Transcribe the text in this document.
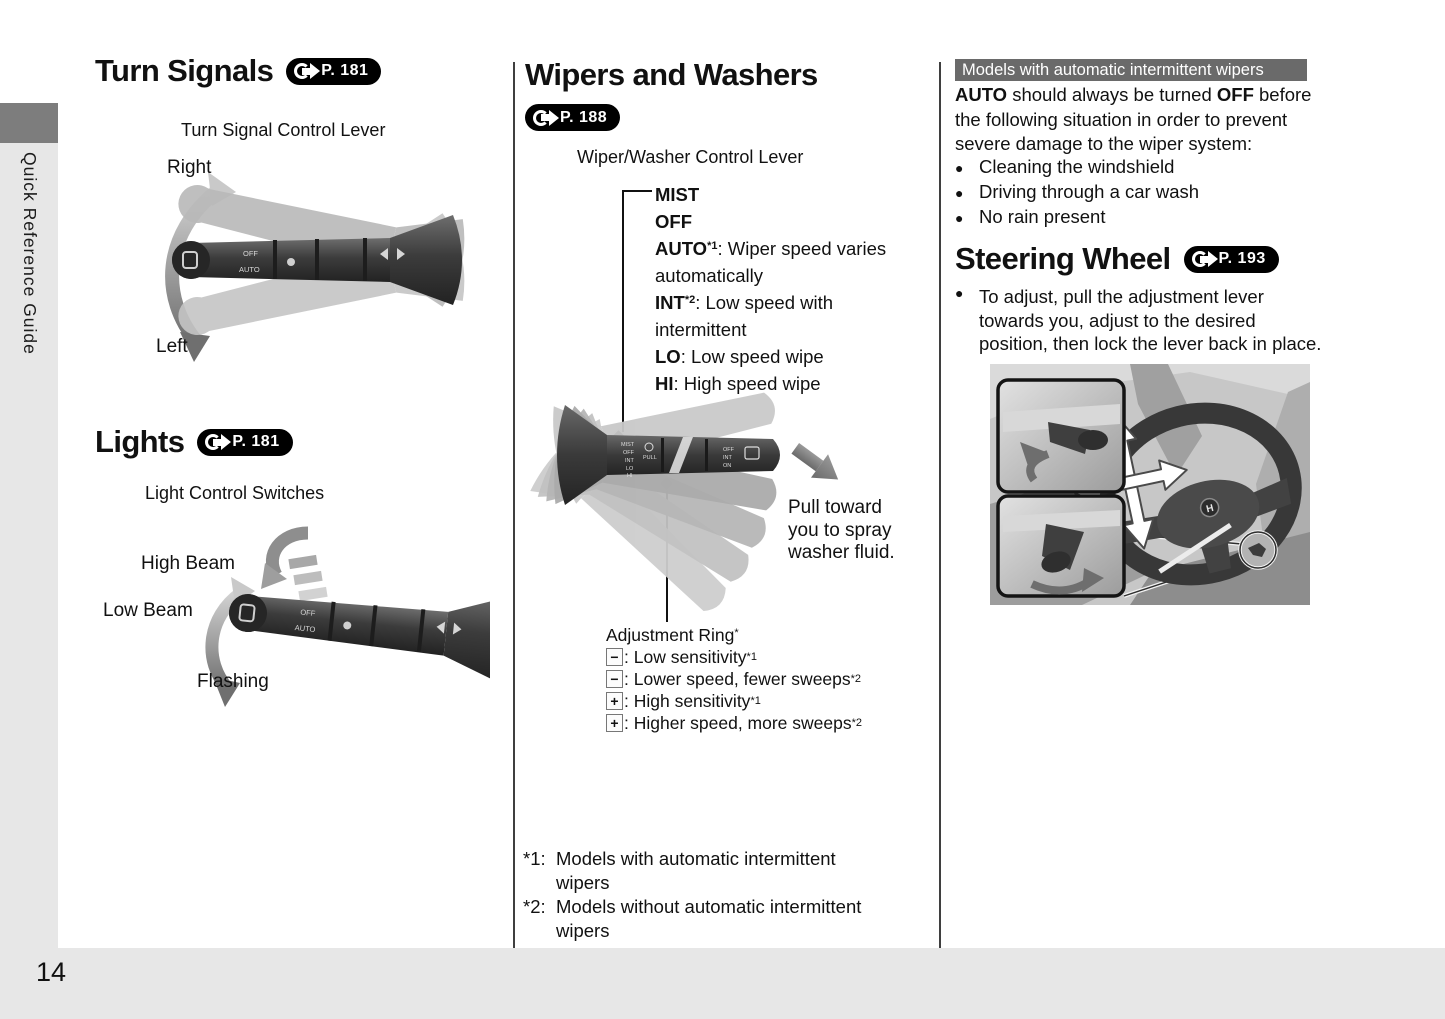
Quick Reference Guide
14
Turn Signals	P. 181
Turn Signal Control Lever
OFF
AUTO
Right
Left
Lights	P. 181
Light Control Switches
OFF
AUTO
High Beam
Low Beam
Flashing
Wipers and Washers
P. 188
Wiper/Washer Control Lever
MIST
OFF
AUTO$^{*1}$: Wiper speed varies
automatically
INT$^{*2}$: Low speed with
intermittent
LO: Low speed wipe
HI: High speed wipe
MIST
OFF
INT
LO
HI
PULL
OFF
INT
ON
Pull toward
you to spray
washer fluid.
Adjustment Ring*
− : Low sensitivity *1
− : Lower speed, fewer sweeps *2
+ : High sensitivity *1
+ : Higher speed, more sweeps *2
*1: Models with automatic intermittent
wipers
*2: Models without automatic intermittent
wipers
Models with automatic intermittent wipers
AUTO should always be turned OFF before
the following situation in order to prevent
severe damage to the wiper system:
● Cleaning the windshield
● Driving through a car wash
● No rain present
Steering Wheel	P. 193
● To adjust, pull the adjustment lever
towards you, adjust to the desired
position, then lock the lever back in place.
H
